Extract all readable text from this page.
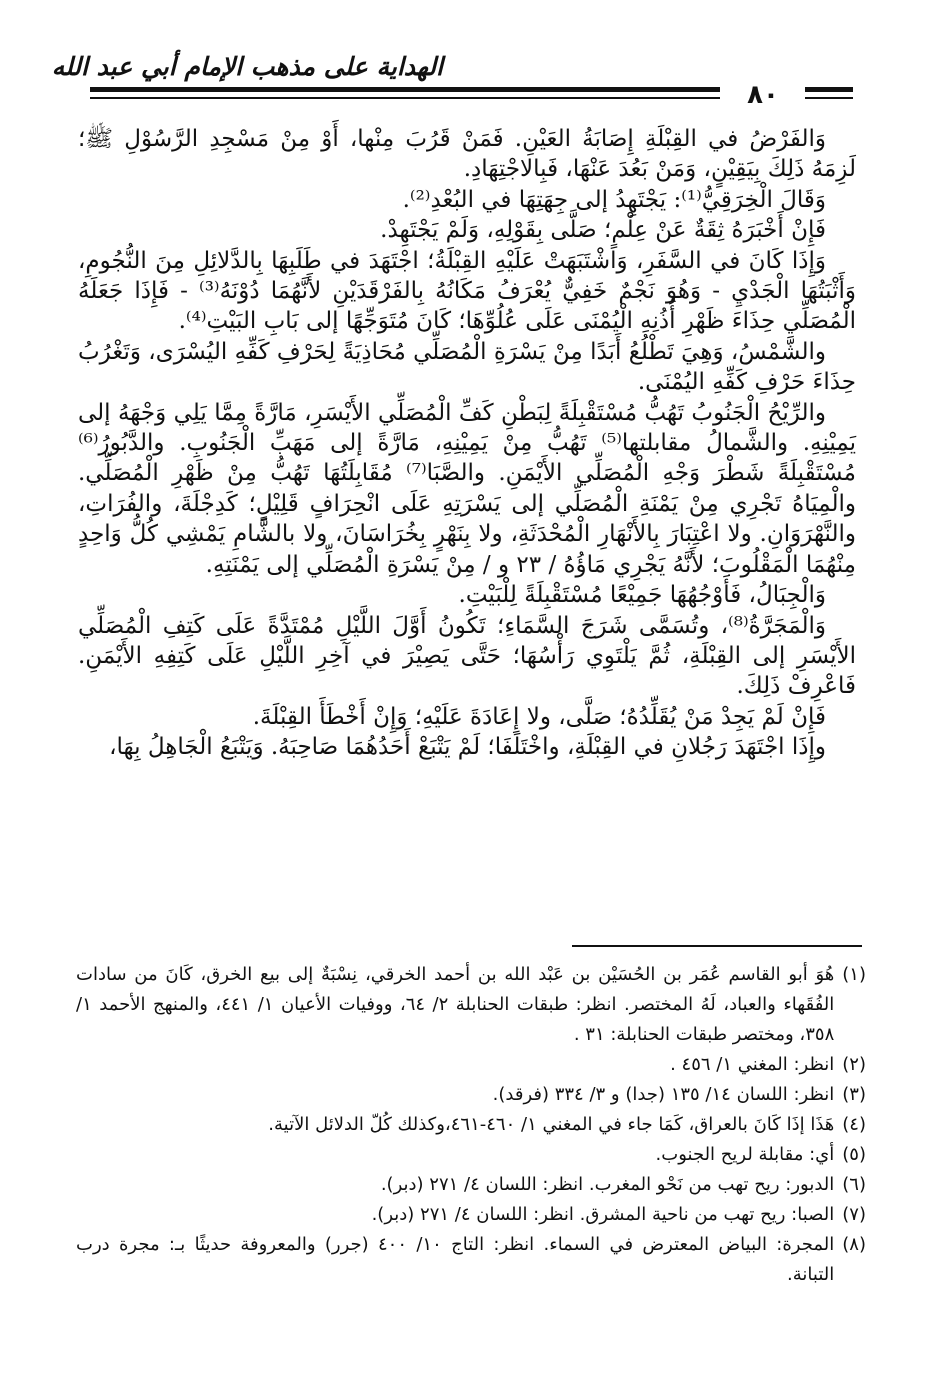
الهداية على مذهب الإمام أبي عبد الله
٨٠

وَالفَرْضُ في القِبْلَةِ إِصَابَةُ العَيْنِ. فَمَنْ قَرُبَ مِنْها، أَوْ مِنْ مَسْجِدِ الرَّسُوْلِ ﷺ؛ لَزِمَهُ ذَلِكَ بِيَقِيْنٍ، وَمَنْ بَعُدَ عَنْهَا، فَبِالاجْتِهَادِ.

وَقَالَ الْخِرَقِيُّ⁽¹⁾: يَجْتَهِدُ إلى جِهَتِهَا في البُعْدِ⁽²⁾.

فَإِنْ أَخْبَرَهُ ثِقَةٌ عَنْ عِلْمٍ؛ صَلَّى بِقَوْلِهِ، وَلَمْ يَجْتَهِدْ.

وَإِذَا كَانَ في السَّفَرِ، وَاشْتَبَهَتْ عَلَيْهِ القِبْلَةُ؛ اجْتَهَدَ في طَلَبِهَا بِالدَّلائِلِ مِنَ النُّجُومِ، وَأَثْبَتُهَا الْجَدْيِ - وَهُوَ نَجْمٌ خَفِيٌّ يُعْرَفُ مَكَانُهُ بِالفَرْقَدَيْنِ لأَنَّهُمَا دُوْنَهُ⁽³⁾ - فَإِذَا جَعَلَهُ الْمُصَلِّي حِذَاءَ ظَهْرِ أُذُنِهِ الْيُمْنَى عَلَى عُلُوِّهَا؛ كَانَ مُتَوَجِّهًا إلى بَابِ البَيْتِ⁽⁴⁾.

والشَّمْسُ، وَهِيَ تَطْلُعُ أَبَدًا مِنْ يَسْرَةِ الْمُصَلِّي مُحَاذِيَةً لِحَرْفِ كَفِّهِ اليُسْرَى، وَتَغْرُبُ حِذَاءَ حَرْفِ كَفِّهِ اليُمْنَى.

والرِّيْحُ الْجَنُوبُ تَهُبُّ مُسْتَقْبِلَةً لِبَطْنِ كَفِّ الْمُصَلِّي الأَيْسَرِ، مَارَّةً مِمَّا يَلِي وَجْهَهُ إلى يَمِيْنِهِ. والشَّمالُ مقابلتها⁽⁵⁾ تَهُبُّ مِنْ يَمِيْنِهِ، مَارَّةً إلى مَهَبِّ الْجَنُوبِ. والدَّبُورُ⁽⁶⁾ مُسْتَقْبِلَةً شَطْرَ وَجْهِ الْمُصَلِّي الأَيْمَنِ. والصَّبَا⁽⁷⁾ مُقَابِلَتُهَا تَهُبُّ مِنْ ظَهْرِ الْمُصَلِّي. والْمِيَاهُ تَجْرِي مِنْ يَمْنَةِ الْمُصَلِّي إلى يَسْرَتِهِ عَلَى انْحِرَافٍ قَلِيْلٍ؛ كَدِجْلَةَ، والفُرَاتِ، والنَّهْرَوَانِ. ولا اعْتِبَارَ بِالأَنْهَارِ الْمُحْدَثَةِ، ولا بِنَهْرٍ بِخُرَاسَانَ، ولا بالشَّامِ يَمْشِي كُلُّ وَاحِدٍ مِنْهُمَا الْمَقْلُوبَ؛ لأَنَّهُ يَجْرِي مَاؤُهُ / ٢٣ و / مِنْ يَسْرَةِ الْمُصَلِّي إلى يَمْنَتِهِ.

وَالْجِبَالُ، فَأَوْجُهُهَا جَمِيْعًا مُسْتَقْبِلَةً لِلْبَيْتِ.

وَالْمَجَرَّةُ⁽⁸⁾، وتُسَمَّى شَرَجَ السَّمَاءِ؛ تَكُونُ أَوَّلَ اللَّيْلِ مُمْتَدَّةً عَلَى كَتِفِ الْمُصَلِّي الأَيْسَرِ إلى القِبْلَةِ، ثُمَّ يَلْتَوِي رَأْسُهَا؛ حَتَّى يَصِيْرَ في آخِرِ اللَّيْلِ عَلَى كَتِفِهِ الأَيْمَنِ. فَاعْرِفْ ذَلِكَ.

فَإِنْ لَمْ يَجِدْ مَنْ يُقَلِّدُهُ؛ صَلَّى، ولا إِعَادَةَ عَلَيْهِ؛ وَإِنْ أَخْطَأَ القِبْلَةَ.

وإِذَا اجْتَهَدَ رَجُلانِ في القِبْلَةِ، واخْتَلَفَا؛ لَمْ يَتْبَعْ أَحَدُهُمَا صَاحِبَهُ. وَيَتْبَعُ الْجَاهِلُ بِهَا،

(١)
هُوَ أبو القاسم عُمَر بن الحُسَيْن بن عَبْد الله بن أحمد الخرقي، نِسْبَةٌ إلى بيع الخرق، كَانَ من سادات الفُقَهاء والعباد، لَهُ المختصر. انظر: طبقات الحنابلة ٢/ ٦٤، ووفيات الأعيان ١/ ٤٤١، والمنهج الأحمد ١/ ٣٥٨، ومختصر طبقات الحنابلة: ٣١ .
(٢)
انظر: المغني ١/ ٤٥٦ .
(٣)
انظر: اللسان ١٤/ ١٣٥ (جدا) و ٣/ ٣٣٤ (فرقد).
(٤)
هَذَا إذَا كَانَ بالعراق، كَمَا جاء في المغني ١/ ٤٦٠-٤٦١،وكذلك كُلّ الدلائل الآتية.
(٥)
أي: مقابلة لريح الجنوب.
(٦)
الدبور: ريح تهب من نَحْو المغرب. انظر: اللسان ٤/ ٢٧١ (دبر).
(٧)
الصبا: ريح تهب من ناحية المشرق. انظر: اللسان ٤/ ٢٧١ (دبر).
(٨)
المجرة: البياض المعترض في السماء. انظر: التاج ١٠/ ٤٠٠ (جرر) والمعروفة حديثًا بـ: مجرة درب التبانة.
